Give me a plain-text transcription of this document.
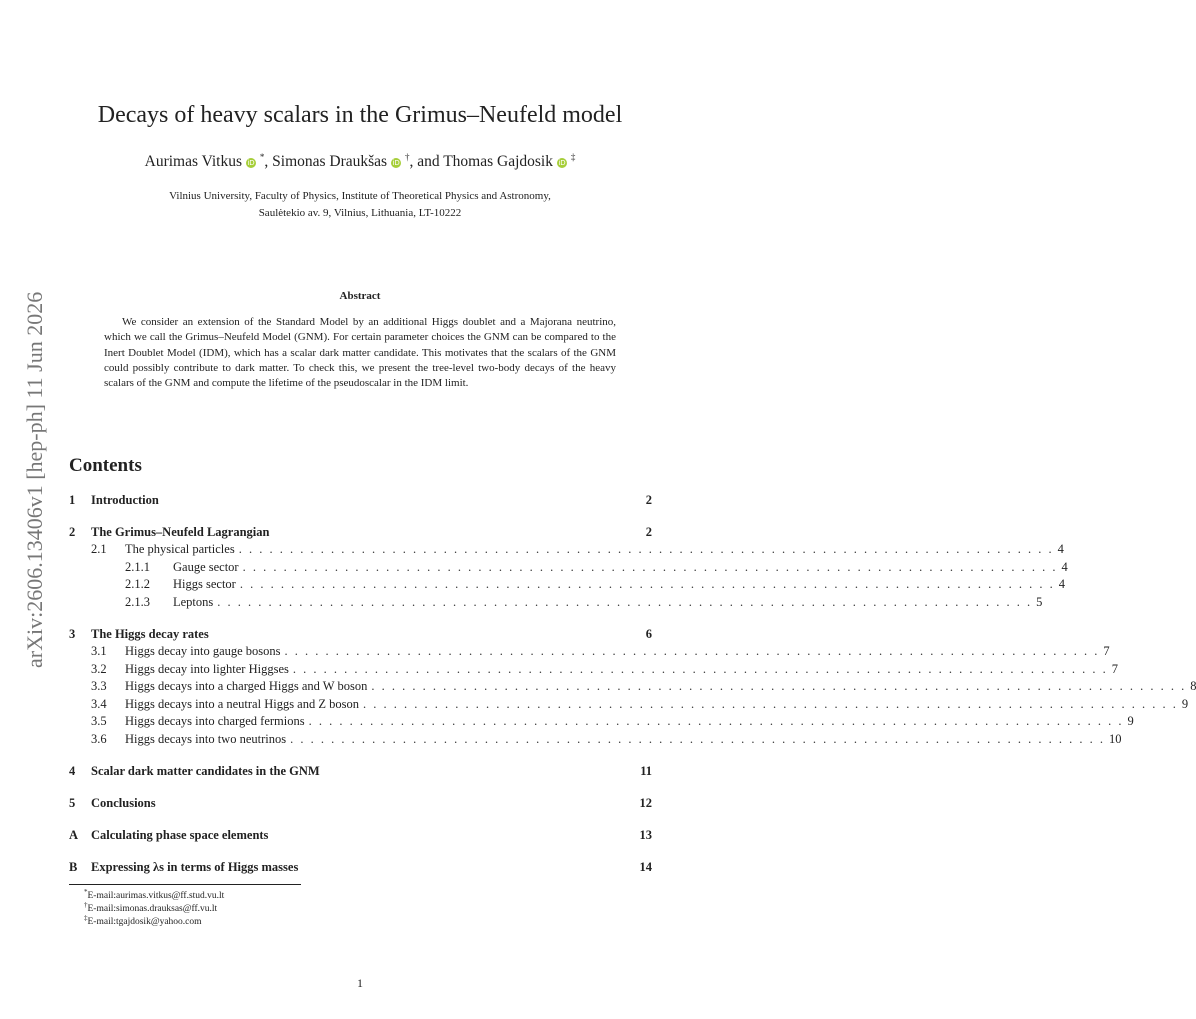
arXiv:2606.13406v1 [hep-ph] 11 Jun 2026
Decays of heavy scalars in the Grimus–Neufeld model
Aurimas Vitkus iD *, Simonas Draukšas iD †, and Thomas Gajdosik iD ‡
Vilnius University, Faculty of Physics, Institute of Theoretical Physics and Astronomy,
Saulėtekio av. 9, Vilnius, Lithuania, LT-10222
Abstract
We consider an extension of the Standard Model by an additional Higgs doublet and a Majorana neutrino, which we call the Grimus–Neufeld Model (GNM). For certain parameter choices the GNM can be compared to the Inert Doublet Model (IDM), which has a scalar dark matter candidate. This motivates that the scalars of the GNM could possibly contribute to dark matter. To check this, we present the tree-level two-body decays of the heavy scalars of the GNM and compute the lifetime of the pseudoscalar in the IDM limit.
Contents
1	Introduction	2
2	The Grimus–Neufeld Lagrangian	2
2.1	The physical particles . . . . . . . . . . . . . . . . . . . . . . . . . . . . . . . . . . . . . . . . . . . . . . . . . . . . . . . . . . . . . . . . . . . . . . . . . . . . . . . . 4
2.1.1	Gauge sector . . . . . . . . . . . . . . . . . . . . . . . . . . . . . . . . . . . . . . . . . . . . . . . . . . . . . . . . . . . . . . . . . . . . . . . . . . . . . . . . 4
2.1.2	Higgs sector . . . . . . . . . . . . . . . . . . . . . . . . . . . . . . . . . . . . . . . . . . . . . . . . . . . . . . . . . . . . . . . . . . . . . . . . . . . . . . . . 4
2.1.3	Leptons . . . . . . . . . . . . . . . . . . . . . . . . . . . . . . . . . . . . . . . . . . . . . . . . . . . . . . . . . . . . . . . . . . . . . . . . . . . . . . . . 5
3	The Higgs decay rates	6
3.1	Higgs decay into gauge bosons . . . . . . . . . . . . . . . . . . . . . . . . . . . . . . . . . . . . . . . . . . . . . . . . . . . . . . . . . . . . . . . . . . . . . . . . . . . . . . . . 7
3.2	Higgs decay into lighter Higgses . . . . . . . . . . . . . . . . . . . . . . . . . . . . . . . . . . . . . . . . . . . . . . . . . . . . . . . . . . . . . . . . . . . . . . . . . . . . . . . . 7
3.3	Higgs decays into a charged Higgs and W boson . . . . . . . . . . . . . . . . . . . . . . . . . . . . . . . . . . . . . . . . . . . . . . . . . . . . . . . . . . . . . . . . . . . . . . . . . . . . . . . . 8
3.4	Higgs decays into a neutral Higgs and Z boson . . . . . . . . . . . . . . . . . . . . . . . . . . . . . . . . . . . . . . . . . . . . . . . . . . . . . . . . . . . . . . . . . . . . . . . . . . . . . . . . 9
3.5	Higgs decays into charged fermions . . . . . . . . . . . . . . . . . . . . . . . . . . . . . . . . . . . . . . . . . . . . . . . . . . . . . . . . . . . . . . . . . . . . . . . . . . . . . . . . 9
3.6	Higgs decays into two neutrinos . . . . . . . . . . . . . . . . . . . . . . . . . . . . . . . . . . . . . . . . . . . . . . . . . . . . . . . . . . . . . . . . . . . . . . . . . . . . . . . . 10
4	Scalar dark matter candidates in the GNM	11
5	Conclusions	12
A	Calculating phase space elements	13
B	Expressing λs in terms of Higgs masses	14
*E-mail:aurimas.vitkus@ff.stud.vu.lt
†E-mail:simonas.drauksas@ff.vu.lt
‡E-mail:tgajdosik@yahoo.com
1
